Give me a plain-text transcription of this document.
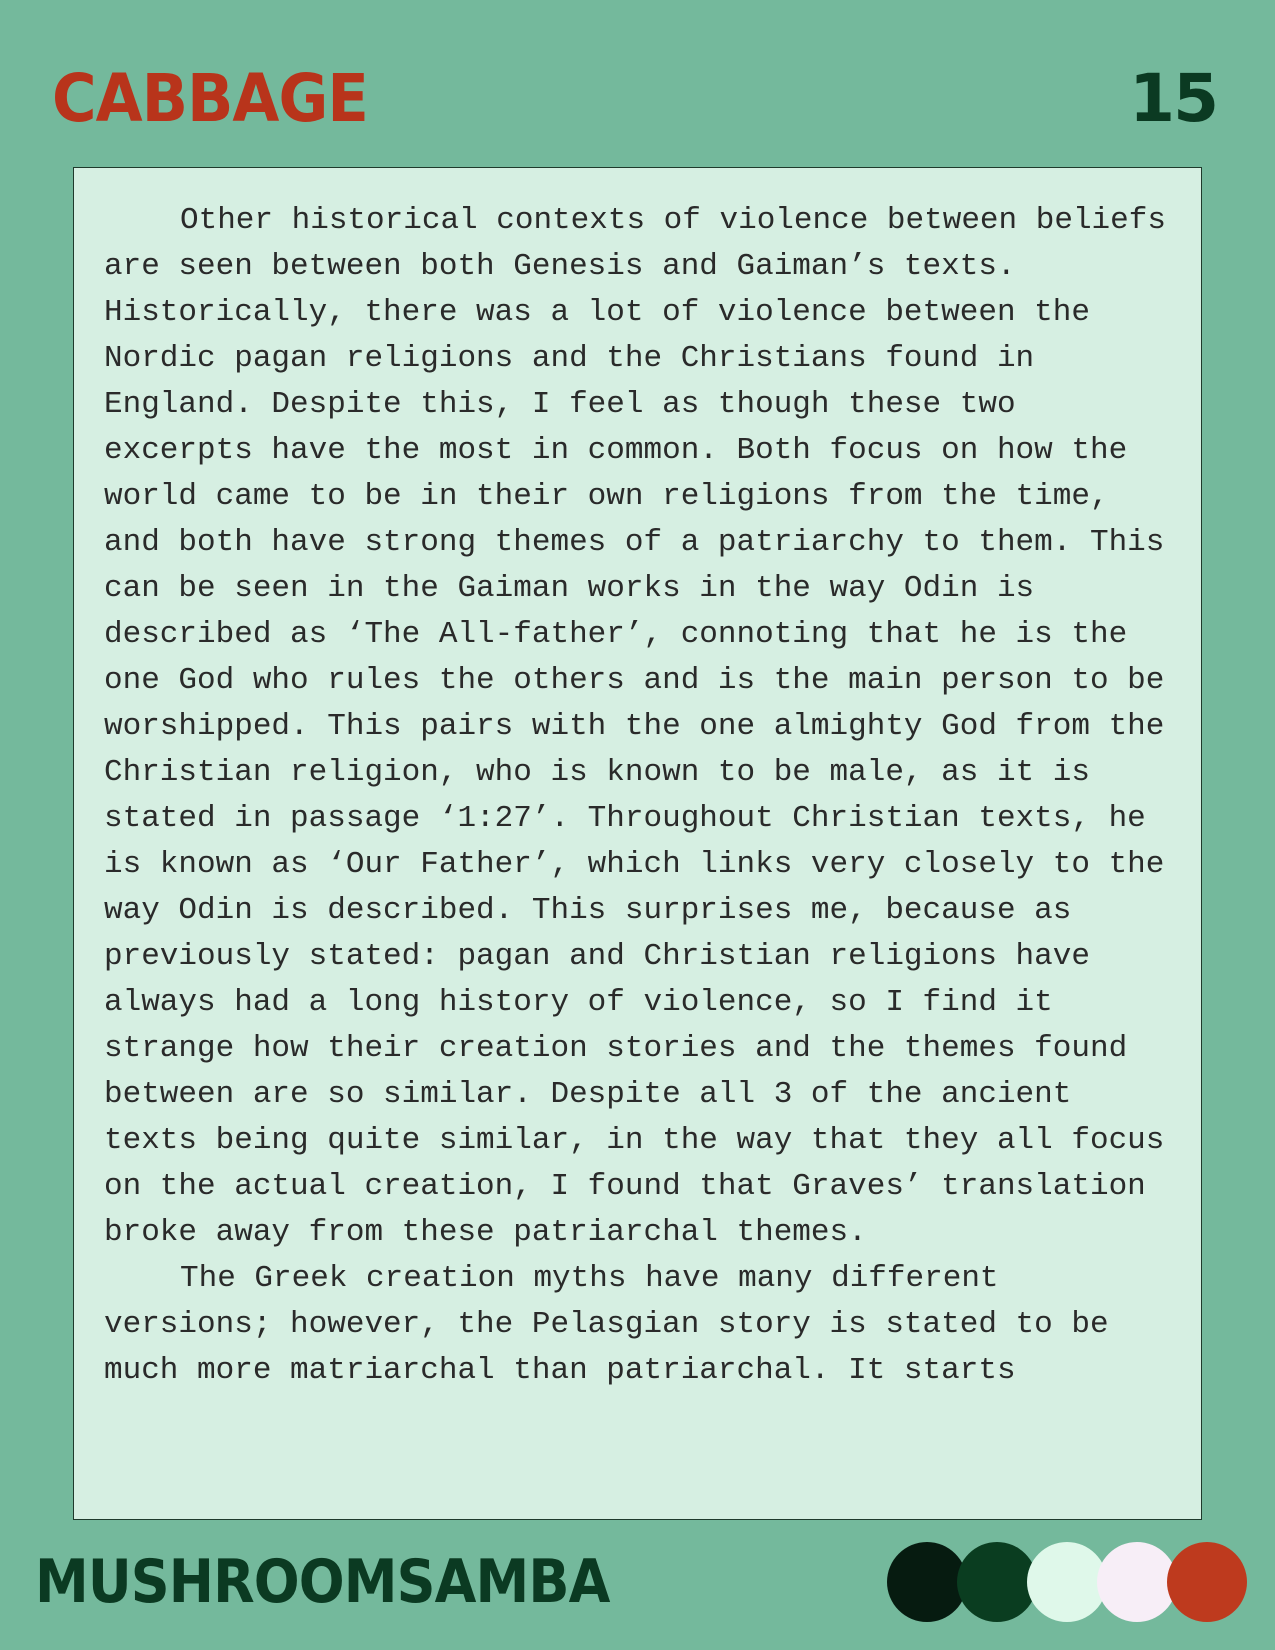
CABBAGE	15

Other historical contexts of violence between beliefs are seen between both Genesis and Gaiman’s texts. Historically, there was a lot of violence between the Nordic pagan religions and the Christians found in England. Despite this, I feel as though these two excerpts have the most in common. Both focus on how the world came to be in their own religions from the time, and both have strong themes of a patriarchy to them. This can be seen in the Gaiman works in the way Odin is described as ‘The All-father’, connoting that he is the one God who rules the others and is the main person to be worshipped. This pairs with the one almighty God from the Christian religion, who is known to be male, as it is stated in passage ‘1:27’. Throughout Christian texts, he is known as ‘Our Father’, which links very closely to the way Odin is described. This surprises me, because as previously stated: pagan and Christian religions have always had a long history of violence, so I find it strange how their creation stories and the themes found between are so similar. Despite all 3 of the ancient texts being quite similar, in the way that they all focus on the actual creation, I found that Graves’ translation broke away from these patriarchal themes.

The Greek creation myths have many different versions; however, the Pelasgian story is stated to be much more matriarchal than patriarchal. It starts

MUSHROOMSAMBA
